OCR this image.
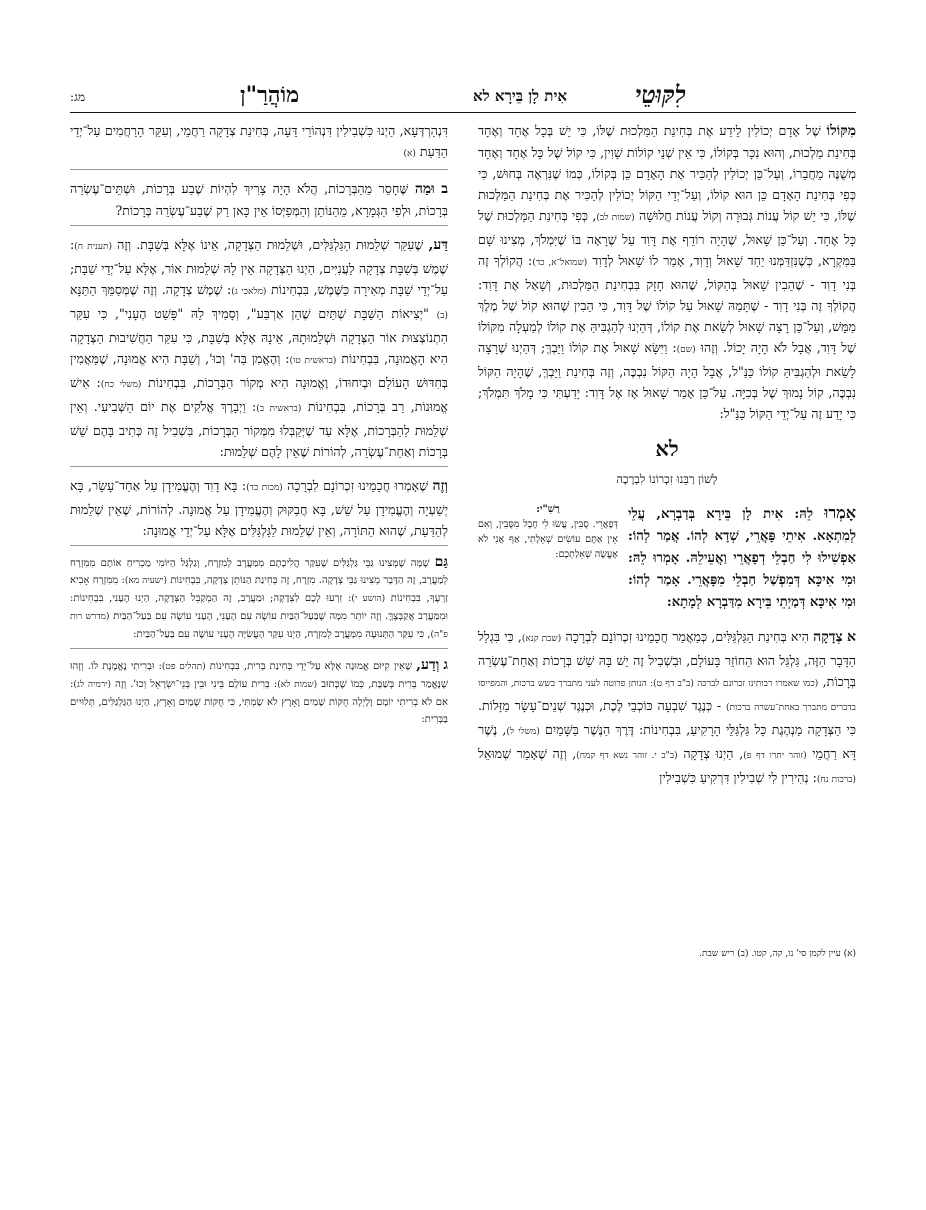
לִקּוּטֵי
אִית לָן בֵּירָא לא
מוֹהֲרַ"ן
מג:

מִקּוֹלוֹ שֶׁל אָדָם יְכוֹלִין לֵידַע אֶת בְּחִינַת הַמַּלְכוּת שֶׁלּוֹ, כִּי יֵשׁ בְּכָל אֶחָד וְאֶחָד בְּחִינַת מַלְכוּת, וְהוּא נִכָּר בְּקוֹלוֹ, כִּי אֵין שְׁנֵי קוֹלוֹת שָׁוִין, כִּי קוֹל שֶׁל כָּל אֶחָד וְאֶחָד מְשֻׁנֶּה מֵחֲבֵרוֹ, וְעַל־כֵּן יְכוֹלִין לְהַכִּיר אֶת הָאָדָם כֵּן בְּקוֹלוֹ, כְּמוֹ שֶׁנִּרְאֶה בְּחוּשׁ, כִּי כְּפִי בְּחִינַת הָאָדָם כֵּן הוּא קוֹלוֹ, וְעַל־יְדֵי הַקּוֹל יְכוֹלִין לְהַכִּיר אֶת בְּחִינַת הַמַּלְכוּת שֶׁלּוֹ, כִּי יֵשׁ קוֹל עֲנוֹת גְּבוּרָה וְקוֹל עֲנוֹת חֲלוּשָׁה (שמות לב), כְּפִי בְּחִינַת הַמַּלְכוּת שֶׁל כָּל אֶחָד. וְעַל־כֵּן שָׁאוּל, שֶׁהָיָה רוֹדֵף אֶת דָּוִד עַל שֶׁרָאָה בּוֹ שֶׁיִּמְלֹךְ, מְצִינוּ שָׁם בַּמִּקְרָא, כְּשֶׁנִּזְדַּמְּנוּ יַחַד שָׁאוּל וְדָוִד, אָמַר לוֹ שָׁאוּל לְדָוִד (שמואל־א, כד): הֲקוֹלְךָ זֶה בְּנִי דָוִד - שֶׁהֵבִין שָׁאוּל בְּהַקּוֹל, שֶׁהוּא חָזָק בִּבְחִינַת הַמַּלְכוּת, וְשָׁאַל אֶת דָּוִד: הֲקוֹלְךָ זֶה בְּנִי דָוִד - שֶׁתָּמַהּ שָׁאוּל עַל קוֹלוֹ שֶׁל דָּוִד, כִּי הֵבִין שֶׁהוּא קוֹל שֶׁל מֶלֶךְ מַמָּשׁ, וְעַל־כֵּן רָצָה שָׁאוּל לְשֵׂאת אֶת קוֹלוֹ, דְּהַיְנוּ לְהַגְבִּיהַּ אֶת קוֹלוֹ לְמַעְלָה מִקּוֹלוֹ שֶׁל דָּוִד, אֲבָל לֹא הָיָה יָכוֹל. וְזֶהוּ (שם): וַיִּשָּׂא שָׁאוּל אֶת קוֹלוֹ וַיֵּבְךְּ; דְּהַיְנוּ שֶׁרָצָה לָשֵׂאת וּלְהַגְבִּיהַּ קוֹלוֹ כַּנַּ"ל, אֲבָל הָיָה הַקּוֹל נִבְכֶּה, וְזֶה בְּחִינַת וַיֵּבְךְּ, שֶׁהָיָה הַקּוֹל נִבְכֶּה, קוֹל נָמוּךְ שֶׁל בְּכִיָּה. עַל־כֵּן אָמַר שָׁאוּל אָז אֶל דָּוִד: יָדַעְתִּי כִּי מָלֹךְ תִּמְלֹךְ; כִּי יָדַע זֶה עַל־יְדֵי הַקּוֹל כַּנַּ"ל:

לא
לְשׁוֹן רַבֵּנוּ זִכְרוֹנוֹ לִבְרָכָה
אָמְרוּ לֵהּ: אִית לָן בֵּירָא בְּדַבְרָא, עֲלֵי לְמִתְאָא. אִיתֵי פָּאֲרֵי, שְׁדָא לְהוֹ. אֲמַר לְהוֹ: אַפְשִׁילוּ לִי חַבְלֵי דְפָאֲרֵי וַאֲעֵילֵהּ. אָמְרוּ לֵהּ: וּמִי אִיכָּא דְּמִפְשַׁל חַבְלֵי מִפָּאֲרֵי. אָמַר לְהוֹ: וּמִי אִיכָּא דְּמַיְתֵי בֵּירָא מִדַּבְרָא לְמָתָא:
רַשִׁ"י:
דְּפָאֲרֵי. סֻבִּין, עֲשׂוּ לִי חֶבֶל מִסֻּבִּין, וְאִם אֵין אַתֶּם עוֹשִׂים שְׁאֵלָתִי, אַף אֲנִי לֹא אֶעֱשֶׂה שְׁאֵלַתְכֶם:

א צְדָקָה הִיא בְּחִינַת הַגַּלְגַּלִּים, כְּמַאֲמַר חֲכָמֵינוּ זִכְרוֹנָם לִבְרָכָה (שבת קנא), כִּי בִּגְלַל הַדָּבָר הַזֶּה, גַּלְגַּל הוּא הַחוֹזֵר בָּעוֹלָם, וּבִשְׁבִיל זֶה יֵשׁ בָּהּ שֵׁשׁ בְּרָכוֹת וְאַחַת־עֶשְׂרֵה בְּרָכוֹת, (כמו שאמרו רבותינו זכרונם לברכה (ב"ב דף ט): הנותן פרוטה לעני מתברך בשש ברכות, והמפייסו בדברים מתברך באחת־עשרה ברכות) - כְּנֶגֶד שִׁבְעָה כּוֹכְבֵי לֶכֶת, וּכְנֶגֶד שְׁנֵים־עָשָׂר מַזָּלוֹת. כִּי הַצְּדָקָה מַנְהֶגֶת כָּל גַּלְגַּלֵּי הָרָקִיעַ, בִּבְחִינוֹת: דֶּרֶךְ הַנֶּשֶׁר בַּשָּׁמַיִם (משלי ל), נֶשֶׁר דָּא רַחֲמֵי (זוהר יתרו דף פ), הַיְנוּ צְדָקָה (ב"ב י. זוהר נשא דף קמח), וְזֶה שֶׁאָמַר שְׁמוּאֵל (ברכות נח): נְהִירִין לִי שְׁבִילִין דִּרְקִיעַ כִּשְׁבִילִין

דִּנְהַרְדְּעָא, הַיְנוּ כִּשְׁבִילִין דִּנְהוֹרֵי דֵּעָה, בְּחִינַת צְדָקָה רַחֲמֵי, וְעִקַּר הָרַחֲמִים עַל־יְדֵי הַדַּעַת (א)

ב וּמַה שֶּׁחָסֵר מֵהַבְּרָכוֹת, הֲלֹא הָיָה צָרִיךְ לִהְיוֹת שֶׁבַע בְּרָכוֹת, וּשְׁתֵּים־עֶשְׂרֵה בְּרָכוֹת, וּלְפִי הַגְּמָרָא, מֵהַנּוֹתֵן וְהַמְּפַיְּסוֹ אֵין כָּאן רַק שֶׁבַע־עֶשְׂרֵה בְּרָכוֹת?

דַּע, שֶׁעִקַּר שְׁלֵמוּת הַגַּלְגַּלִּים, וּשְׁלֵמוּת הַצְּדָקָה, אֵינוֹ אֶלָּא בְּשַׁבָּת. וְזֶה (תענית ח): שֶׁמֶשׁ בְּשַׁבָּת צְדָקָה לַעֲנִיִּים, הַיְנוּ הַצְּדָקָה אֵין לָהּ שְׁלֵמוּת אוֹר, אֶלָּא עַל־יְדֵי שַׁבָּת; עַל־יְדֵי שַׁבָּת מְאִירָה כַּשֶּׁמֶשׁ, בִּבְחִינוֹת (מלאכי ג): שֶׁמֶשׁ צְדָקָה. וְזֶה שֶׁמְּסַמֵּךְ הַתַּנָּא (ב) "יְצִיאוֹת הַשַּׁבָּת שְׁתַּיִם שֶׁהֵן אַרְבַּע", וְסָמִיךְ לֵהּ "פָּשַׁט הֶעָנִי", כִּי עִקַּר הִתְנוֹצְצוּת אוֹר הַצְּדָקָה וּשְׁלֵמוּתָהּ, אֵינָהּ אֶלָּא בְּשַׁבָּת, כִּי עִקַּר הַחֲשִׁיבוּת הַצְּדָקָה הִיא הָאֱמוּנָה, בִּבְחִינוֹת (בראשית טו): וְהֶאֱמִן בַּה' וְכוּ', וְשַׁבָּת הִיא אֱמוּנָה, שֶׁמַּאֲמִין בְּחִדּוּשׁ הָעוֹלָם וּבְיִחוּדוֹ, וֶאֱמוּנָה הִיא מְקוֹר הַבְּרָכוֹת, בִּבְחִינוֹת (משלי כח): אִישׁ אֱמוּנוֹת, רַב בְּרָכוֹת, בִּבְחִינוֹת (בראשית ב): וַיְבָרֶךְ אֱלֹקִים אֶת יוֹם הַשְּׁבִיעִי. וְאֵין שְׁלֵמוּת לַהַבְּרָכוֹת, אֶלָּא עַד שֶׁיְּקַבְּלוּ מִמְּקוֹר הַבְּרָכוֹת, בִּשְׁבִיל זֶה כְּתִיב בָּהֶם שֵׁשׁ בְּרָכוֹת וְאַחַת־עֶשְׂרֵה, לְהוֹרוֹת שֶׁאֵין לָהֶם שְׁלֵמוּת:

וְזֶה שֶׁאָמְרוּ חֲכָמֵינוּ זִכְרוֹנָם לִבְרָכָה (מכות כד): בָּא דָוִד וְהֶעֱמִידָן עַל אַחַד־עָשָׂר, בָּא יְשַׁעְיָה וְהֶעֱמִידָן עַל שֵׁשׁ, בָּא חֲבַקּוּק וְהֶעֱמִידָן עַל אֱמוּנָה. לְהוֹרוֹת, שֶׁאֵין שְׁלֵמוּת לְהַדַּעַת, שֶׁהוּא הַתּוֹרָה, וְאֵין שְׁלֵמוּת לַגַּלְגַּלִּים אֶלָּא עַל־יְדֵי אֱמוּנָה:

גַּם שָׁמָּה שֶׁמְּצִינוּ גַּבֵּי גַּלְגַּלִּים שֶׁעִקַּר הֲלִיכָתָם מִמַּעֲרָב לְמִזְרָח, וְגַלְגַּל הַיּוֹמִי מַכְרִיחַ אוֹתָם מִמִּזְרָח לְמַעֲרָב, זֶה הַדָּבָר מְצִינוּ גַּבֵּי צְדָקָה. מִזְרָח, זֶה בְּחִינַת הַנּוֹתֵן צְדָקָה, בִּבְחִינוֹת (ישעיה מא): מִמִּזְרָח אָבִיא זַרְעֶךָ, בִּבְחִינוֹת (הושע י): זִרְעוּ לָכֶם לִצְדָקָה; וּמַעֲרָב, זֶה הַמְקַבֵּל הַצְּדָקָה, הַיְנוּ הֶעָנִי, בִּבְחִינוֹת: וּמִמַּעֲרָב אֲקַבְּצֶךָּ. וְזֶה יוֹתֵר מִמָּה שֶׁבַּעַל־הַבַּיִת עוֹשֶׂה עִם הֶעָנִי, הֶעָנִי עוֹשֶׂה עִם בַּעַל־הַבַּיִת (מדרש רות פ"ה), כִּי עִקַּר הַתְּנוּעָה מִמַּעֲרָב לְמִזְרָח, הַיְנוּ עִקַּר הָעֲשִׂיָּה הֶעָנִי עוֹשֶׂה עִם בַּעַל־הַבַּיִת:

ג וְדַע, שֶׁאֵין קִיּוּם אֱמוּנָה אֶלָּא עַל־יְדֵי בְּחִינַת בְּרִית, בִּבְחִינוֹת (תהלים פט): וּבְרִיתִי נֶאֱמֶנֶת לוֹ. וְזֶהוּ שֶׁנֶּאֱמַר בְּרִית בְּשַׁבָּת, כְּמוֹ שֶׁכָּתוּב (שמות לא): בְּרִית עוֹלָם בֵּינִי וּבֵין בְּנֵי־יִשְׂרָאֵל וְכוּ'. וְזֶה (ירמיה לג): אִם לֹא בְרִיתִי יוֹמָם וָלָיְלָה חֻקּוֹת שָׁמַיִם וָאָרֶץ לֹא שָׂמְתִּי, כִּי חֻקּוֹת שָׁמַיִם וָאָרֶץ, הַיְנוּ הַגַּלְגַּלִּים, תְּלוּיִים בַּבְּרִית:

(א) עיין לקמן סי' נו, קה, קטו. (ב) ריש שבת.
